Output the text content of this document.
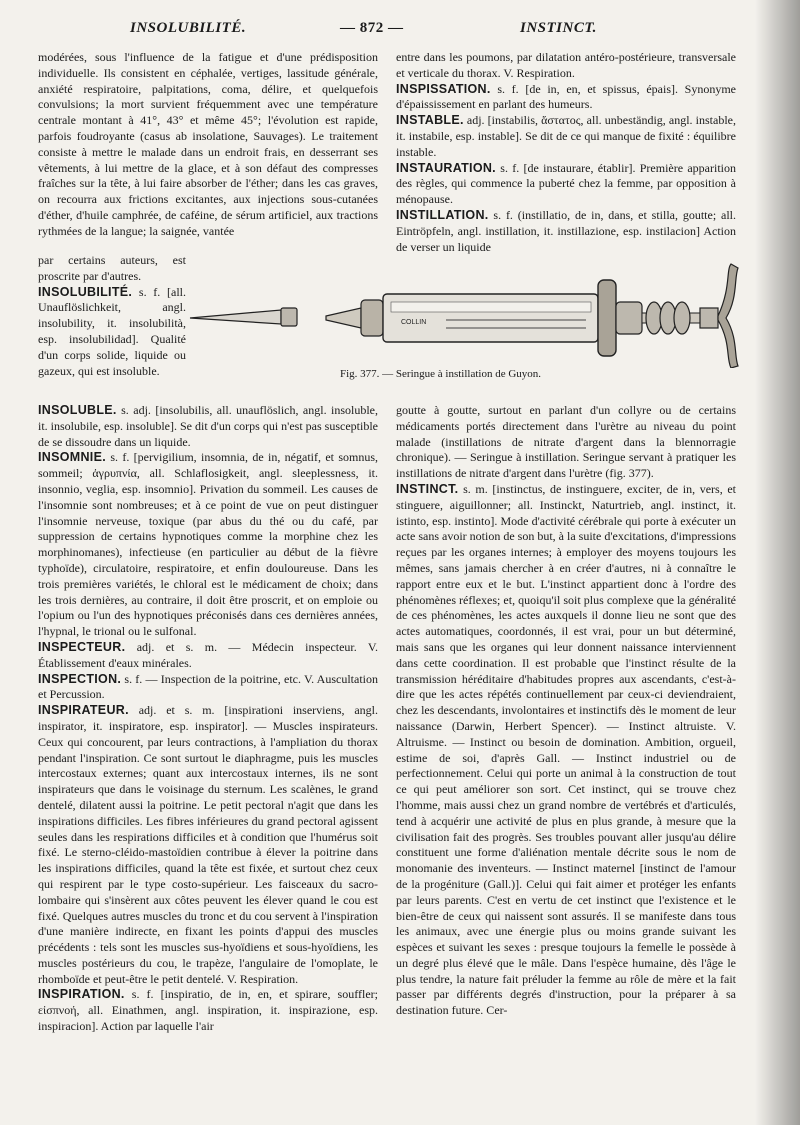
INSOLUBILITÉ.	— 872 —	INSTINCT.

modérées, sous l'influence de la fatigue et d'une prédisposition individuelle. Ils consistent en céphalée, vertiges, lassitude générale, anxiété respiratoire, palpitations, coma, délire, et quelquefois convulsions; la mort survient fréquemment avec une température centrale montant à 41°, 43° et même 45°; l'évolution est rapide, parfois foudroyante (casus ab insolatione, Sauvages). Le traitement consiste à mettre le malade dans un endroit frais, en desserrant ses vêtements, à lui mettre de la glace, et à son défaut des compresses fraîches sur la tête, à lui faire absorber de l'éther; dans les cas graves, on recourra aux frictions excitantes, aux injections sous-cutanées d'éther, d'huile camphrée, de caféine, de sérum artificiel, aux tractions rythmées de la langue; la saignée, vantée

par certains auteurs, est proscrite par d'autres.

INSOLUBILITÉ. s. f. [all. Unauflöslichkeit, angl. insolubility, it. insolubilità, esp. insolubilidad]. Qualité d'un corps solide, liquide ou gazeux, qui est insoluble.

entre dans les poumons, par dilatation antéro-postérieure, transversale et verticale du thorax. V. Respiration.

INSPISSATION. s. f. [de in, en, et spissus, épais]. Synonyme d'épaississement en parlant des humeurs.

INSTABLE. adj. [instabilis, ἄστατος, all. unbeständig, angl. instable, it. instabile, esp. instable]. Se dit de ce qui manque de fixité : équilibre instable.

INSTAURATION. s. f. [de instaurare, établir]. Première apparition des règles, qui commence la puberté chez la femme, par opposition à ménopause.

INSTILLATION. s. f. (instillatio, de in, dans, et stilla, goutte; all. Eintröpfeln, angl. instillation, it. instillazione, esp. instilacion] Action de verser un liquide

COLLIN
Fig. 377. — Seringue à instillation de Guyon.

INSOLUBLE. s. adj. [insolubilis, all. unauflöslich, angl. insoluble, it. insolubile, esp. insoluble]. Se dit d'un corps qui n'est pas susceptible de se dissoudre dans un liquide.

INSOMNIE. s. f. [pervigilium, insomnia, de in, négatif, et somnus, sommeil; ἀγρυπνία, all. Schlaflosigkeit, angl. sleeplessness, it. insonnio, veglia, esp. insomnio]. Privation du sommeil. Les causes de l'insomnie sont nombreuses; et à ce point de vue on peut distinguer l'insomnie nerveuse, toxique (par abus du thé ou du café, par suppression de certains hypnotiques comme la morphine chez les morphinomanes), infectieuse (en particulier au début de la fièvre typhoïde), circulatoire, respiratoire, et enfin douloureuse. Dans les trois premières variétés, le chloral est le médicament de choix; dans les trois dernières, au contraire, il doit être proscrit, et on emploie ou l'opium ou l'un des hypnotiques préconisés dans ces dernières années, l'hypnal, le trional ou le sulfonal.

INSPECTEUR. adj. et s. m. — Médecin inspecteur. V. Établissement d'eaux minérales.

INSPECTION. s. f. — Inspection de la poitrine, etc. V. Auscultation et Percussion.

INSPIRATEUR. adj. et s. m. [inspirationi inserviens, angl. inspirator, it. inspiratore, esp. inspirator]. — Muscles inspirateurs. Ceux qui concourent, par leurs contractions, à l'ampliation du thorax pendant l'inspiration. Ce sont surtout le diaphragme, puis les muscles intercostaux externes; quant aux intercostaux internes, ils ne sont inspirateurs que dans le voisinage du sternum. Les scalènes, le grand dentelé, dilatent aussi la poitrine. Le petit pectoral n'agit que dans les inspirations difficiles. Les fibres inférieures du grand pectoral agissent seules dans les respirations difficiles et à condition que l'humérus soit fixé. Le sterno-cléido-mastoïdien contribue à élever la poitrine dans les inspirations difficiles, quand la tête est fixée, et surtout chez ceux qui respirent par le type costo-supérieur. Les faisceaux du sacro-lombaire qui s'insèrent aux côtes peuvent les élever quand le cou est fixé. Quelques autres muscles du tronc et du cou servent à l'inspiration d'une manière indirecte, en fixant les points d'appui des muscles précédents : tels sont les muscles sus-hyoïdiens et sous-hyoïdiens, les muscles postérieurs du cou, le trapèze, l'angulaire de l'omoplate, le rhomboïde et peut-être le petit dentelé. V. Respiration.

INSPIRATION. s. f. [inspiratio, de in, en, et spirare, souffler; εἰσπνοή, all. Einathmen, angl. inspiration, it. inspirazione, esp. inspiracion]. Action par laquelle l'air

goutte à goutte, surtout en parlant d'un collyre ou de certains médicaments portés directement dans l'urètre au niveau du point malade (instillations de nitrate d'argent dans la blennorragie chronique). — Seringue à instillation. Seringue servant à pratiquer les instillations de nitrate d'argent dans l'urètre (fig. 377).

INSTINCT. s. m. [instinctus, de instinguere, exciter, de in, vers, et stinguere, aiguillonner; all. Instinckt, Naturtrieb, angl. instinct, it. istinto, esp. instinto]. Mode d'activité cérébrale qui porte à exécuter un acte sans avoir notion de son but, à la suite d'excitations, d'impressions reçues par les organes internes; à employer des moyens toujours les mêmes, sans jamais chercher à en créer d'autres, ni à connaître le rapport entre eux et le but. L'instinct appartient donc à l'ordre des phénomènes réflexes; et, quoiqu'il soit plus complexe que la généralité de ces phénomènes, les actes auxquels il donne lieu ne sont que des actes automatiques, coordonnés, il est vrai, pour un but déterminé, mais sans que les organes qui leur donnent naissance interviennent dans cette coordination. Il est probable que l'instinct résulte de la transmission héréditaire d'habitudes propres aux ascendants, c'est-à-dire que les actes répétés continuellement par ceux-ci deviendraient, chez les descendants, involontaires et instinctifs dès le moment de leur naissance (Darwin, Herbert Spencer). — Instinct altruiste. V. Altruisme. — Instinct ou besoin de domination. Ambition, orgueil, estime de soi, d'après Gall. — Instinct industriel ou de perfectionnement. Celui qui porte un animal à la construction de tout ce qui peut améliorer son sort. Cet instinct, qui se trouve chez l'homme, mais aussi chez un grand nombre de vertébrés et d'articulés, tend à acquérir une activité de plus en plus grande, à mesure que la civilisation fait des progrès. Ses troubles pouvant aller jusqu'au délire constituent une forme d'aliénation mentale décrite sous le nom de monomanie des inventeurs. — Instinct maternel [instinct de l'amour de la progéniture (Gall.)]. Celui qui fait aimer et protéger les enfants par leurs parents. C'est en vertu de cet instinct que l'existence et le bien-être de ceux qui naissent sont assurés. Il se manifeste dans tous les animaux, avec une énergie plus ou moins grande suivant les espèces et suivant les sexes : presque toujours la femelle le possède à un degré plus élevé que le mâle. Dans l'espèce humaine, dès l'âge le plus tendre, la nature fait préluder la femme au rôle de mère et la fait passer par différents degrés d'instruction, pour la préparer à sa destination future. Cer-
